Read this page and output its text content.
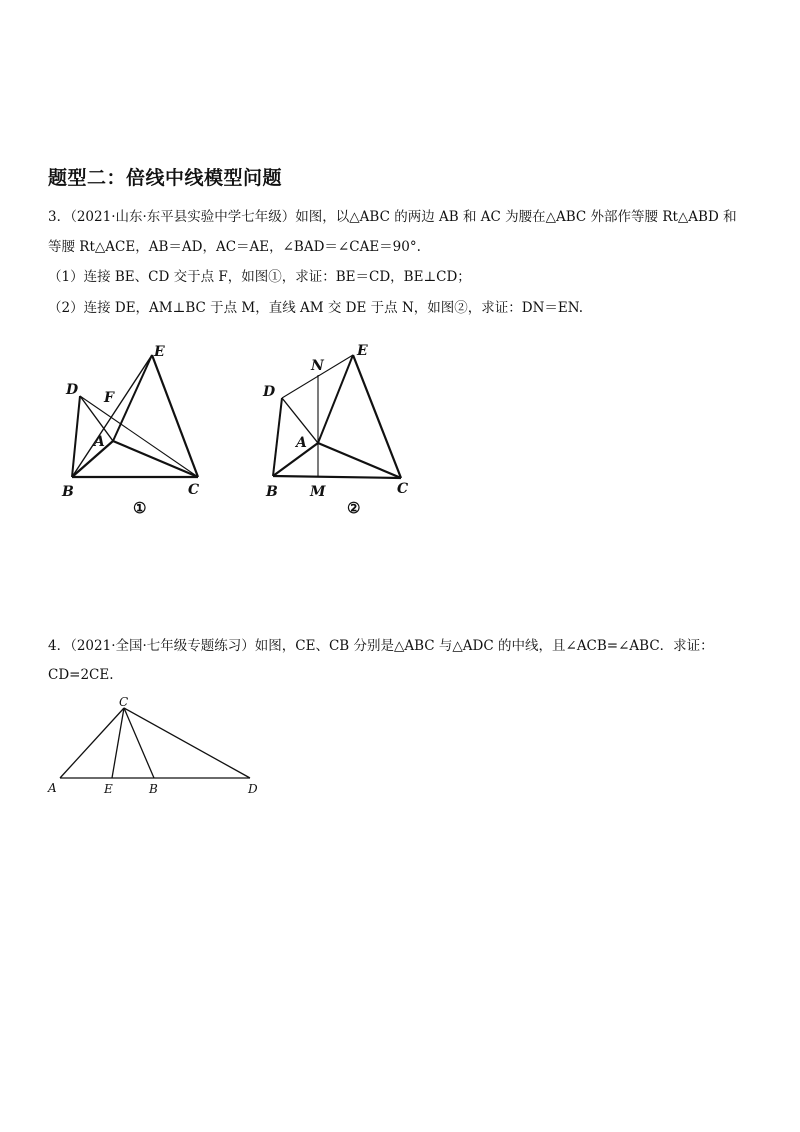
题型二：倍线中线模型问题
3．（2021·山东·东平县实验中学七年级）如图，以△ABC 的两边 AB 和 AC 为腰在△ABC 外部作等腰 Rt△ABD 和
等腰 Rt△ACE，AB＝AD，AC＝AE，∠BAD＝∠CAE＝90°.
（1）连接 BE、CD 交于点 F，如图①，求证：BE＝CD，BE⊥CD；
（2）连接 DE，AM⊥BC 于点 M，直线 AM 交 DE 于点 N，如图②，求证：DN＝EN.
E
D F
A
B	C
①
N
E
D
A
B M	C
②
C
A	E	B	D
4．（2021·全国·七年级专题练习）如图，CE、CB 分别是△ABC 与△ADC 的中线，且∠ACB=∠ABC．求证：
CD=2CE.
